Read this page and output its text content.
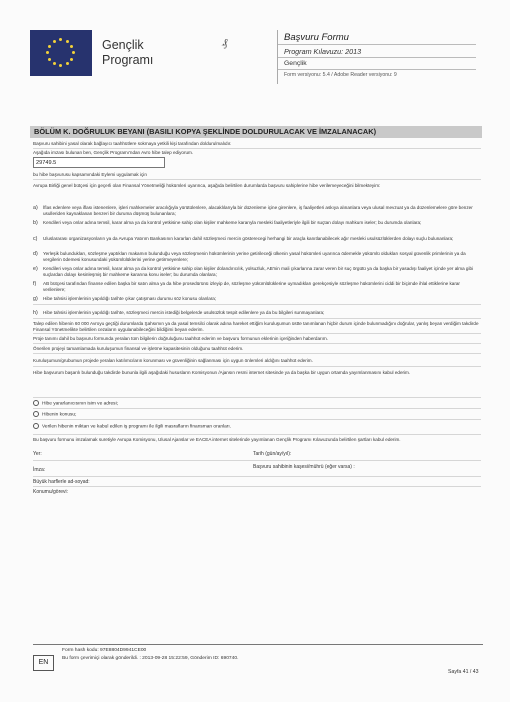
Gençlik Programı
₰	Başvuru Formu
Program Kılavuzu: 2013
Gençlik
Form versiyonu: 5.4 / Adobe Reader versiyonu: 9
BÖLÜM K. DOĞRULUK BEYANI (BASILI KOPYA ŞEKLİNDE DOLDURULACAK VE İMZALANACAK)
Başvuru sahibini yasal olarak bağlayıcı taahhütlere sokmaya yetkili kişi tarafından doldurulmalıdır.
Aşağıda imzası bulunan ben, Gençlik Programı'ndan Avro hibe talep ediyorum.
29749.5
bu hibe başvurusu kapsamındaki Eylemi uygulamak için
Avrupa Birliği genel bütçesi için geçerli olan Finansal Yönetmeliği hükümleri uyarınca, aşağıda belirtilen durumlarda başvuru sahiplerine hibe verilemeyeceğini bilmekteyim:
a) İflas edenlere veya iflası istenenlere, işleri mahkemeler aracılığıyla yürütülenlere, alacaklılarıyla bir düzenleme içine girenlere, iş faaliyetleri askıya alınanlara veya ulusal mevzuat ya da düzenlemelere göre benzer usulleriden kaynaklanan benzeri bir duruma düşmüş bulunanlara;
b) Kendileri veya onlar adına temsil, karar alma ya da kontrol yetkisine sahip olan kişiler mahkeme kararıyla mesleki faaliyetleriyle ilgili bir suçtan dolayı mahkum iseler; bu durumda olanlara;
c) Uluslararası organizasyonların ya da Avrupa Yatırım Bankasının kararları dahil sözleşmeci mercin gösterecegi herhangi bir araçla kanıtlanabilecek ağır mesleki usulsüzlüklerden dolayı suçlu bulunanlara;
d) Yerleşik bulundukları, sözleşme yaptıkları makamın bulunduğu veya sözleşmenin hükümlerinin yerine getirileceği ülkenin yasal hükümleri uyarınca ödemekle yükümlü oldukları sosyal güvenlik primlerinin ya da vergilerin ödemesi konusundaki yükümlülüklerini yerine getirmeyenlere;
e) Kendileri veya onlar adına temsil, karar alma ya da kontrol yetkisine sahip olan kişiler dolandırıcılık, yolsuzluk, AB'nin mali çıkarlarına zarar veren bir suç örgütü ya da başka bir yasadışı faaliyet içinde yer alma gibi suçlardan dolayı kesinleşmiş bir mahkeme kararına konu iseler; bu durumda olanlara;
f) AB bütçesi tarafından finanse edilen başka bir satın alma ya da hibe prosedürünü izleyip de, sözleşme yükümlülüklerine uymadıkları gerekçesiyle sözleşme hükümlerini ciddi bir biçimde ihlal ettiklerine karar verilenlere;
g) Hibe tahsisi işlemlerinin yapıldığı tarihte çıkar çatışması durumu söz konusu olanlara;
h) Hibe tahsisi işlemlerinin yapıldığı tarihte, sözleşmeci mercin istediği belgelerde usulsüzlük tespit edilenlere ya da bu bilgileri sunmayanlara;
Talep edilen hibenin 60 000 Avroyu geçtiği durumlarda Şahsımın ya da yasal temsilci olarak adına hareket ettiğim kuruluşumun üstte tanımlanan hiçbir durum içinde bulunmadığını doğrular, yanlış beyan verdiğim takdirde Finansal Yönetmelikte belirtilen cezaların uygulanabileceğini bildiğimi beyan ederim.
Proje tanımı dahil bu başvuru formunda yeralan tüm bilgilerin doğruluğunu taahhüt ederim ve başvuru formunun eklerinin içeriğinden haberdarım.
Önerilen projeyi tamamlamada kuruluşumun finansal ve işletme kapasitesinin olduğunu taahhüt ederim.
Kuruluşumun/grubumun projede yeralan katılımcıların korunması ve güvenliğinin sağlanması için uygun önlemleri aldığını taahhüt ederim.
Hibe başvurum başarılı bulunduğu takdirde bununla ilgili aşağıdaki hususların Komisyonun /Ajansın resmi internet sitesinde ya da başka bir uygun ortamda yayımlanmasını kabul ederim.
Hibe yararlanıcısının isim ve adresi;
Hibenin konusu;
Verilen hibenin miktarı ve kabul edilen iş programı ile ilgili masrafların finansman oranları.
Bu başvuru formunu imzalamak suretiyle Avrupa Komisyonu, Ulusal Ajanslar ve EACEA internet sitelerinde yayımlanan Gençlik Programı Kılavuzunda belirtilen şartları kabul ederim.
Yer:	Tarih (gün/ay/yıl):
İmza:	Başvuru sahibinin kaşesi/mührü (eğer varsa) :
Büyük harflerle ad-soyad:
Konumu/görevi:
Form hash kodu: 97E8804D9941CE00
Bu form çevrimiçi olarak gönderildi. : 2013-09-28 15:22:59, Gönderim ID: 690740.
EN
Sayfa 41 / 43
